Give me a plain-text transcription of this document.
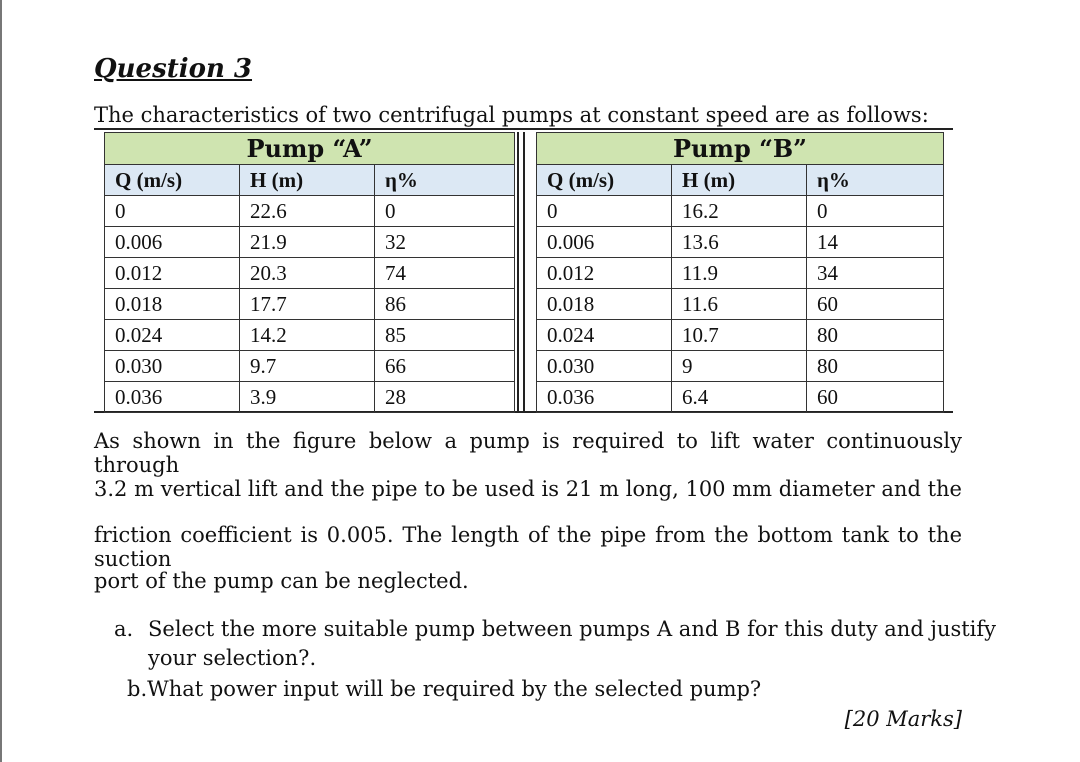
Question 3
The characteristics of two centrifugal pumps at constant speed are as follows:
Pump “A”		
Q (m/s)	H (m)	η%
0	22.6	0
0.006	21.9	32
0.012	20.3	74
0.018	17.7	86
0.024	14.2	85
0.030	9.7	66
0.036	3.9	28
Pump “B”		
Q (m/s)	H (m)	η%
0	16.2	0
0.006	13.6	14
0.012	11.9	34
0.018	11.6	60
0.024	10.7	80
0.030	9	80
0.036	6.4	60
As shown in the figure below a pump is required to lift water continuously through
3.2 m vertical lift and the pipe to be used is 21 m long, 100 mm diameter and the
friction coefficient is 0.005. The length of the pipe from the bottom tank to the suction
port of the pump can be neglected.
a. Select the more suitable pump between pumps A and B for this duty and justify
your selection?.
b.What power input will be required by the selected pump?
[20 Marks]
